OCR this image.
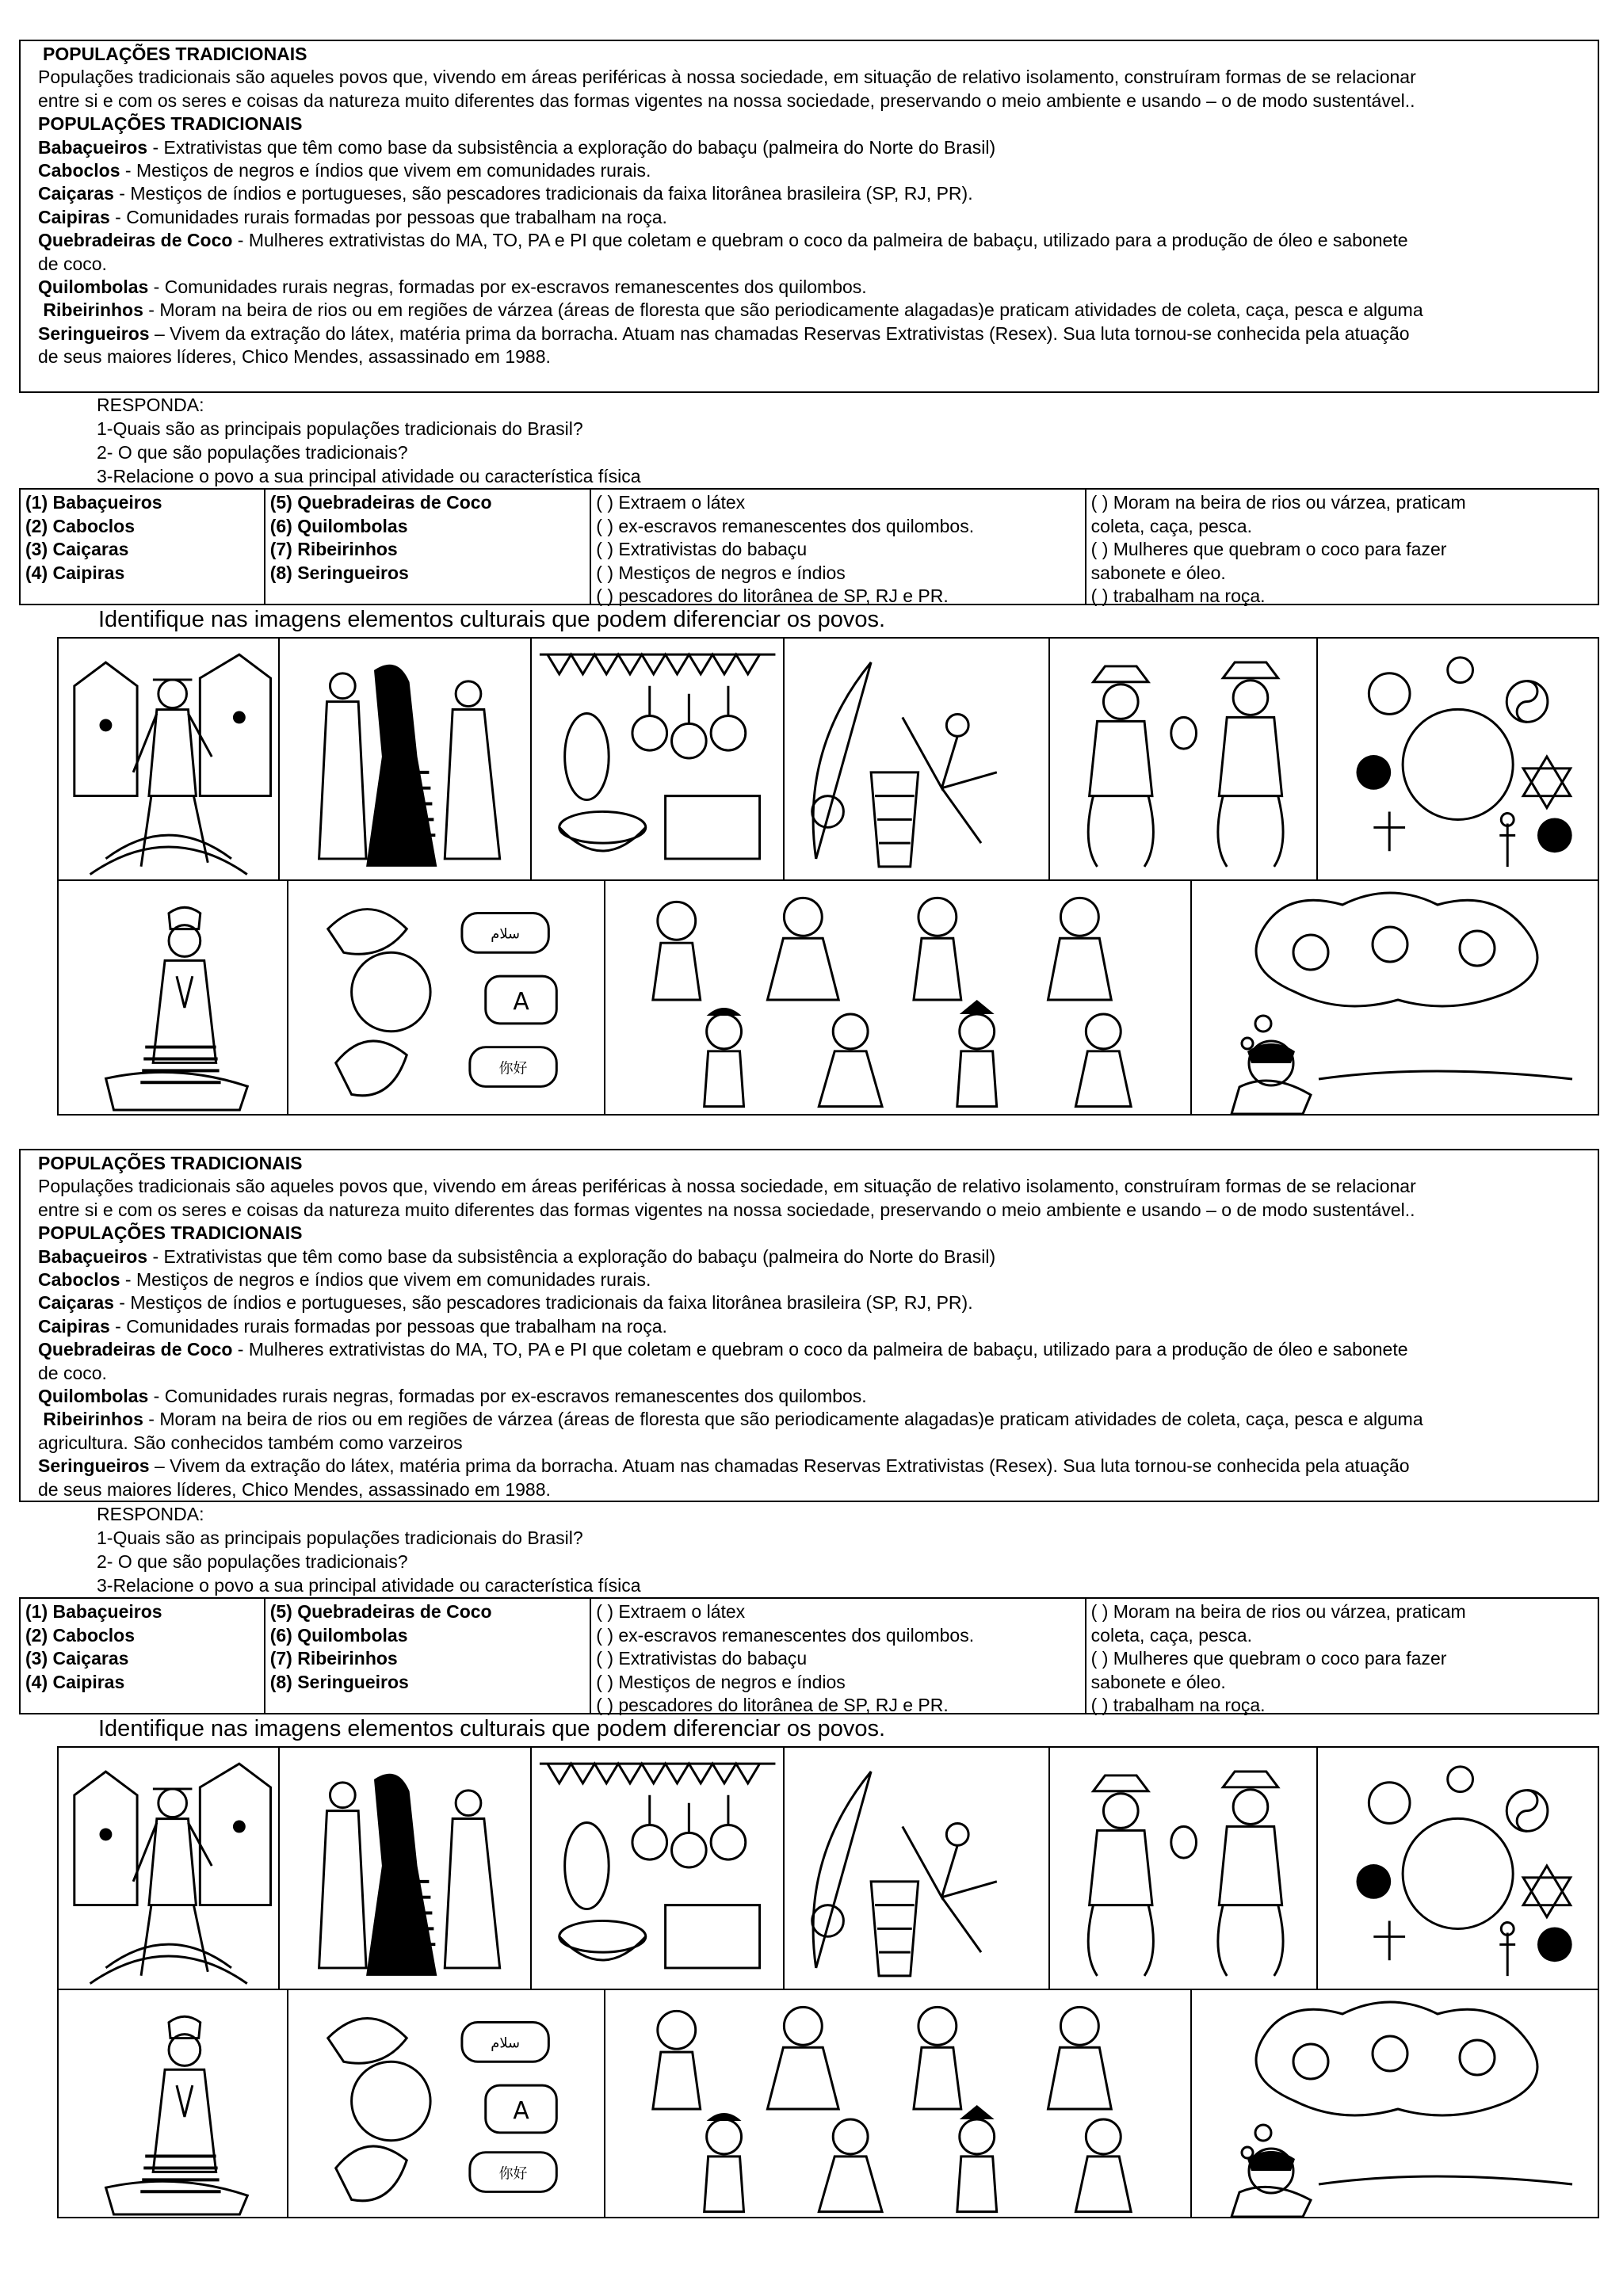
POPULAÇÕES TRADICIONAIS

Populações tradicionais são aqueles povos que, vivendo em áreas periféricas à nossa sociedade, em situação de relativo isolamento, construíram formas de se relacionar

entre si e com os seres e coisas da natureza muito diferentes das formas vigentes na nossa sociedade, preservando o meio ambiente e usando – o de modo sustentável..

POPULAÇÕES TRADICIONAIS

Babaçueiros - Extrativistas que têm como base da subsistência a exploração do babaçu (palmeira do Norte do Brasil)

Caboclos - Mestiços de negros e índios que vivem em comunidades rurais.

Caiçaras - Mestiços de índios e portugueses, são pescadores tradicionais da faixa litorânea brasileira (SP, RJ, PR).

Caipiras - Comunidades rurais formadas por pessoas que trabalham na roça.

Quebradeiras de Coco - Mulheres extrativistas do MA, TO, PA e PI que coletam e quebram o coco da palmeira de babaçu, utilizado para a produção de óleo e sabonete

de coco.

Quilombolas - Comunidades rurais negras, formadas por ex-escravos remanescentes dos quilombos.

Ribeirinhos - Moram na beira de rios ou em regiões de várzea (áreas de floresta que são periodicamente alagadas)e praticam atividades de coleta, caça, pesca e alguma

Seringueiros – Vivem da extração do látex, matéria prima da borracha. Atuam nas chamadas Reservas Extrativistas (Resex). Sua luta tornou-se conhecida pela atuação

de seus maiores líderes, Chico Mendes, assassinado em 1988.

RESPONDA:

1-Quais são as principais populações tradicionais do Brasil?

2- O que são populações tradicionais?

3-Relacione o povo a sua principal atividade ou característica física

(1) Babaçueiros

(2) Caboclos

(3) Caiçaras

(4) Caipiras

(5) Quebradeiras de Coco

(6) Quilombolas

(7) Ribeirinhos

(8) Seringueiros

( ) Extraem o látex

( ) ex-escravos remanescentes dos quilombos.

( ) Extrativistas do babaçu

( ) Mestiços de negros e índios

( ) pescadores do litorânea de SP, RJ e PR.

( ) Moram na beira de rios ou várzea, praticam

coleta, caça, pesca.

( ) Mulheres que quebram o coco para fazer

sabonete e óleo.

( ) trabalham na roça.

Identifique nas imagens elementos culturais que podem diferenciar os povos.
سلام
A
你好

POPULAÇÕES TRADICIONAIS

Populações tradicionais são aqueles povos que, vivendo em áreas periféricas à nossa sociedade, em situação de relativo isolamento, construíram formas de se relacionar

entre si e com os seres e coisas da natureza muito diferentes das formas vigentes na nossa sociedade, preservando o meio ambiente e usando – o de modo sustentável..

POPULAÇÕES TRADICIONAIS

Babaçueiros - Extrativistas que têm como base da subsistência a exploração do babaçu (palmeira do Norte do Brasil)

Caboclos - Mestiços de negros e índios que vivem em comunidades rurais.

Caiçaras - Mestiços de índios e portugueses, são pescadores tradicionais da faixa litorânea brasileira (SP, RJ, PR).

Caipiras - Comunidades rurais formadas por pessoas que trabalham na roça.

Quebradeiras de Coco - Mulheres extrativistas do MA, TO, PA e PI que coletam e quebram o coco da palmeira de babaçu, utilizado para a produção de óleo e sabonete

de coco.

Quilombolas - Comunidades rurais negras, formadas por ex-escravos remanescentes dos quilombos.

Ribeirinhos - Moram na beira de rios ou em regiões de várzea (áreas de floresta que são periodicamente alagadas)e praticam atividades de coleta, caça, pesca e alguma

agricultura. São conhecidos também como varzeiros

Seringueiros – Vivem da extração do látex, matéria prima da borracha. Atuam nas chamadas Reservas Extrativistas (Resex). Sua luta tornou-se conhecida pela atuação

de seus maiores líderes, Chico Mendes, assassinado em 1988.

RESPONDA:

1-Quais são as principais populações tradicionais do Brasil?

2- O que são populações tradicionais?

3-Relacione o povo a sua principal atividade ou característica física

(1) Babaçueiros

(2) Caboclos

(3) Caiçaras

(4) Caipiras

(5) Quebradeiras de Coco

(6) Quilombolas

(7) Ribeirinhos

(8) Seringueiros

( ) Extraem o látex

( ) ex-escravos remanescentes dos quilombos.

( ) Extrativistas do babaçu

( ) Mestiços de negros e índios

( ) pescadores do litorânea de SP, RJ e PR.

( ) Moram na beira de rios ou várzea, praticam

coleta, caça, pesca.

( ) Mulheres que quebram o coco para fazer

sabonete e óleo.

( ) trabalham na roça.

Identifique nas imagens elementos culturais que podem diferenciar os povos.
سلام
A
你好
